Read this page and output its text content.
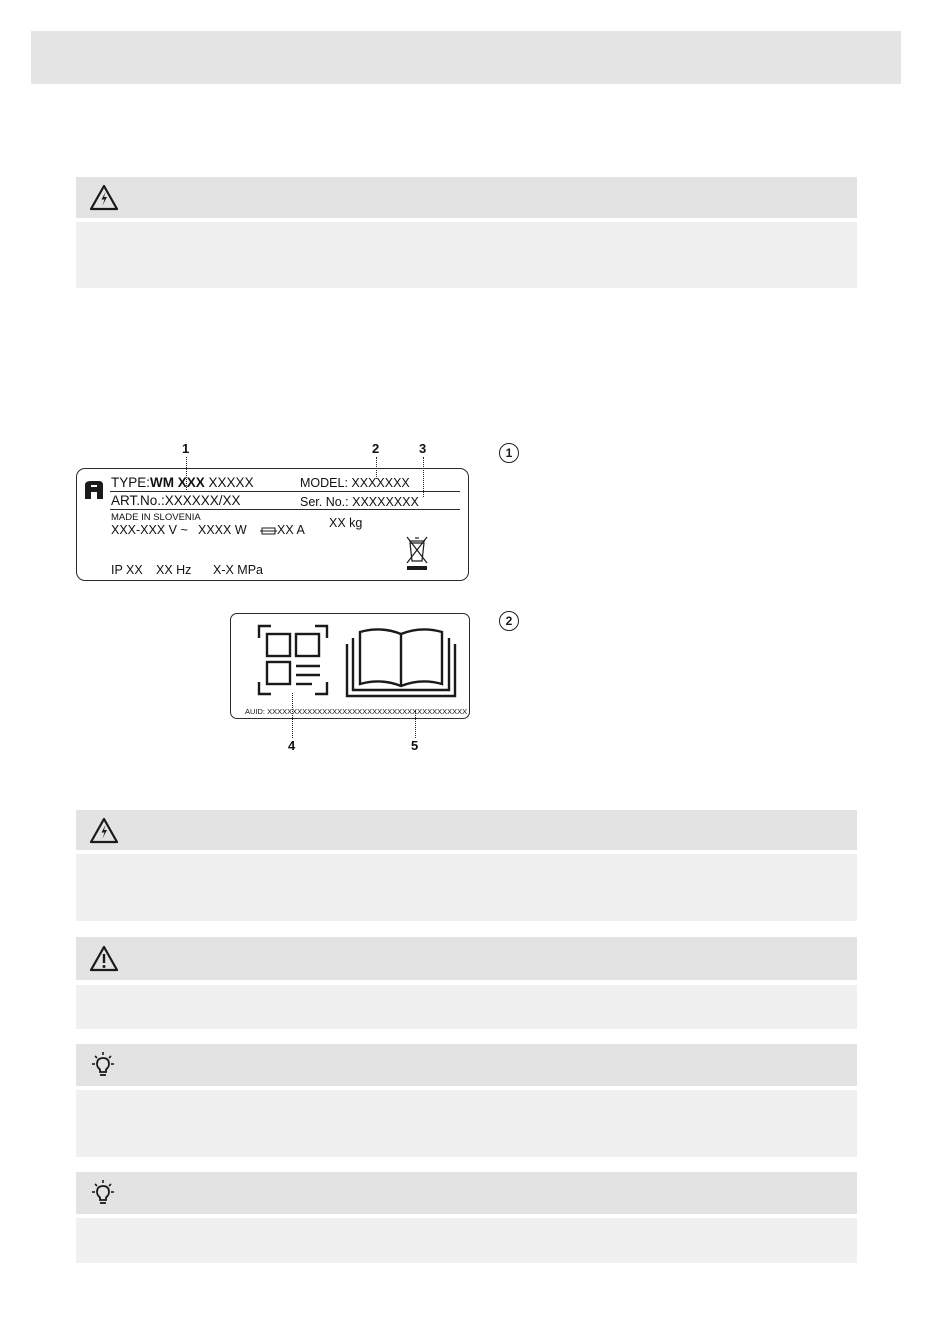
1	2	3
TYPE:WM XXX XXXXX	MODEL: XXXXXXX
ART.No.:XXXXXX/XX	Ser. No.: XXXXXXXX
MADE IN SLOVENIA
XXX-XXX V ~ XXXX W	XX A XX kg
IP XX XX Hz X-X MPa
1
AUID: XXXXXXXXXXXXXXXXXXXXXXXXXXXXXXXXXXXXXXXX
4	5
2
